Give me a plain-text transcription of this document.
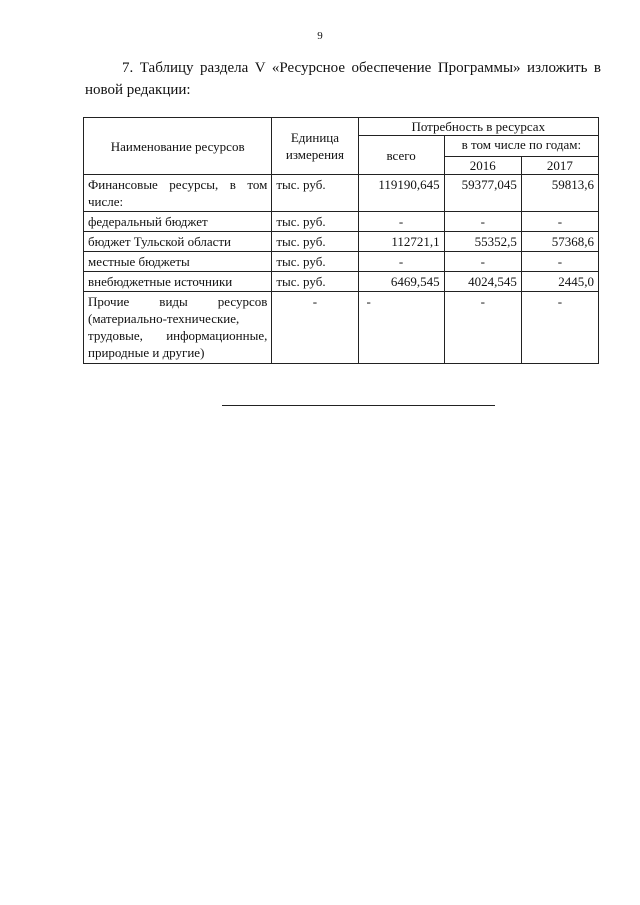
9

7. Таблицу раздела V «Ресурсное обеспечение Программы» изложить в новой редакции:

Наименование ресурсов	Единица измерения	Потребность в ресурсах		
		всего	в том числе по годам:	
			2016	2017
Финансовые ресурсы, в том числе:	тыс. руб.	119190,645	59377,045	59813,6
федеральный бюджет	тыс. руб.	-	-	-
бюджет Тульской области	тыс. руб.	112721,1	55352,5	57368,6
местные бюджеты	тыс. руб.	-	-	-
внебюджетные источники	тыс. руб.	6469,545	4024,545	2445,0
Прочие виды ресурсов (материально-технические, трудовые, информационные, природные и другие)	-	-	-	-
